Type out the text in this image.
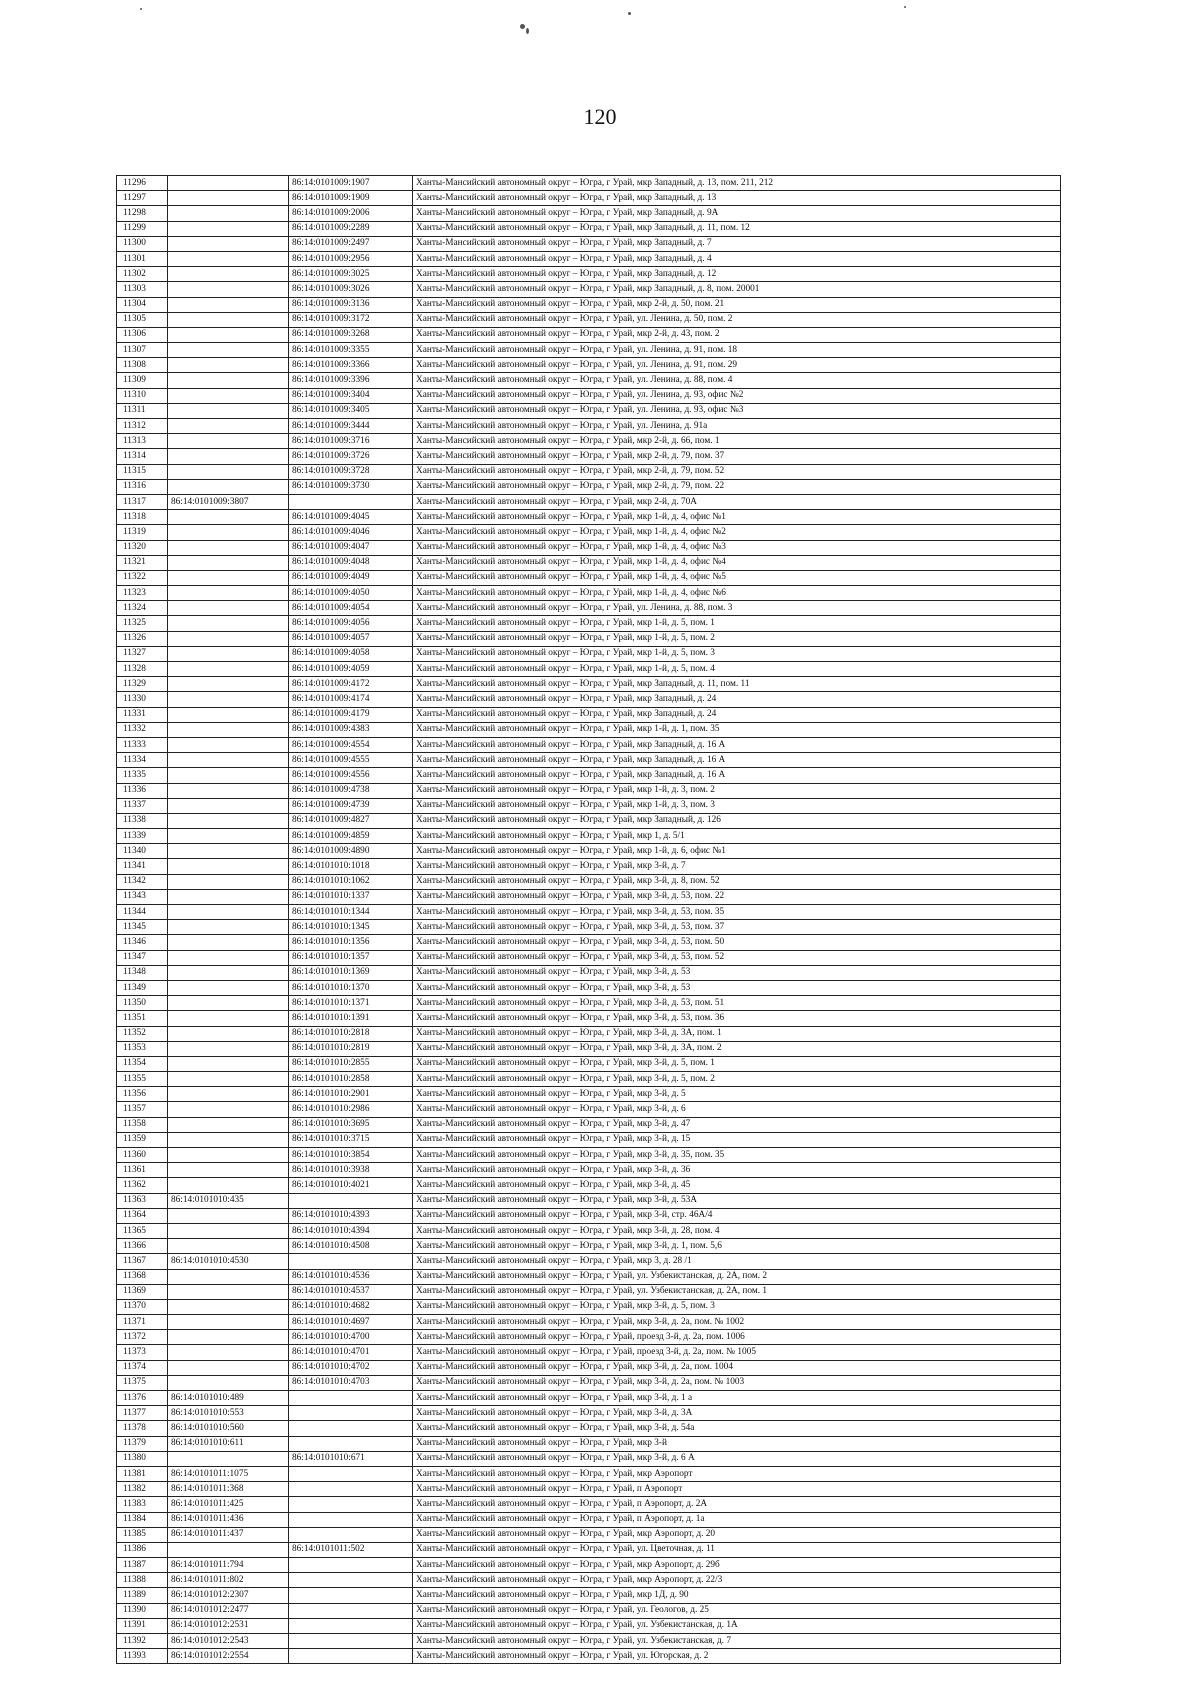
120
11296		86:14:0101009:1907	Ханты-Мансийский автономный округ – Югра, г Урай, мкр Западный, д. 13, пом. 211, 212
11297		86:14:0101009:1909	Ханты-Мансийский автономный округ – Югра, г Урай, мкр Западный, д. 13
11298		86:14:0101009:2006	Ханты-Мансийский автономный округ – Югра, г Урай, мкр Западный, д. 9А
11299		86:14:0101009:2289	Ханты-Мансийский автономный округ – Югра, г Урай, мкр Западный, д. 11, пом. 12
11300		86:14:0101009:2497	Ханты-Мансийский автономный округ – Югра, г Урай, мкр Западный, д. 7
11301		86:14:0101009:2956	Ханты-Мансийский автономный округ – Югра, г Урай, мкр Западный, д. 4
11302		86:14:0101009:3025	Ханты-Мансийский автономный округ – Югра, г Урай, мкр Западный, д. 12
11303		86:14:0101009:3026	Ханты-Мансийский автономный округ – Югра, г Урай, мкр Западный, д. 8, пом. 20001
11304		86:14:0101009:3136	Ханты-Мансийский автономный округ – Югра, г Урай, мкр 2-й, д. 50, пом. 21
11305		86:14:0101009:3172	Ханты-Мансийский автономный округ – Югра, г Урай, ул. Ленина, д. 50, пом. 2
11306		86:14:0101009:3268	Ханты-Мансийский автономный округ – Югра, г Урай, мкр 2-й, д. 43, пом. 2
11307		86:14:0101009:3355	Ханты-Мансийский автономный округ – Югра, г Урай, ул. Ленина, д. 91, пом. 18
11308		86:14:0101009:3366	Ханты-Мансийский автономный округ – Югра, г Урай, ул. Ленина, д. 91, пом. 29
11309		86:14:0101009:3396	Ханты-Мансийский автономный округ – Югра, г Урай, ул. Ленина, д. 88, пом. 4
11310		86:14:0101009:3404	Ханты-Мансийский автономный округ – Югра, г Урай, ул. Ленина, д. 93, офис №2
11311		86:14:0101009:3405	Ханты-Мансийский автономный округ – Югра, г Урай, ул. Ленина, д. 93, офис №3
11312		86:14:0101009:3444	Ханты-Мансийский автономный округ – Югра, г Урай, ул. Ленина, д. 91а
11313		86:14:0101009:3716	Ханты-Мансийский автономный округ – Югра, г Урай, мкр 2-й, д. 66, пом. 1
11314		86:14:0101009:3726	Ханты-Мансийский автономный округ – Югра, г Урай, мкр 2-й, д. 79, пом. 37
11315		86:14:0101009:3728	Ханты-Мансийский автономный округ – Югра, г Урай, мкр 2-й, д. 79, пом. 52
11316		86:14:0101009:3730	Ханты-Мансийский автономный округ – Югра, г Урай, мкр 2-й, д. 79, пом. 22
11317	86:14:0101009:3807		Ханты-Мансийский автономный округ – Югра, г Урай, мкр 2-й, д. 70А
11318		86:14:0101009:4045	Ханты-Мансийский автономный округ – Югра, г Урай, мкр 1-й, д. 4, офис №1
11319		86:14:0101009:4046	Ханты-Мансийский автономный округ – Югра, г Урай, мкр 1-й, д. 4, офис №2
11320		86:14:0101009:4047	Ханты-Мансийский автономный округ – Югра, г Урай, мкр 1-й, д. 4, офис №3
11321		86:14:0101009:4048	Ханты-Мансийский автономный округ – Югра, г Урай, мкр 1-й, д. 4, офис №4
11322		86:14:0101009:4049	Ханты-Мансийский автономный округ – Югра, г Урай, мкр 1-й, д. 4, офис №5
11323		86:14:0101009:4050	Ханты-Мансийский автономный округ – Югра, г Урай, мкр 1-й, д. 4, офис №6
11324		86:14:0101009:4054	Ханты-Мансийский автономный округ – Югра, г Урай, ул. Ленина, д. 88, пом. 3
11325		86:14:0101009:4056	Ханты-Мансийский автономный округ – Югра, г Урай, мкр 1-й, д. 5, пом. 1
11326		86:14:0101009:4057	Ханты-Мансийский автономный округ – Югра, г Урай, мкр 1-й, д. 5, пом. 2
11327		86:14:0101009:4058	Ханты-Мансийский автономный округ – Югра, г Урай, мкр 1-й, д. 5, пом. 3
11328		86:14:0101009:4059	Ханты-Мансийский автономный округ – Югра, г Урай, мкр 1-й, д. 5, пом. 4
11329		86:14:0101009:4172	Ханты-Мансийский автономный округ – Югра, г Урай, мкр Западный, д. 11, пом. 11
11330		86:14:0101009:4174	Ханты-Мансийский автономный округ – Югра, г Урай, мкр Западный, д. 24
11331		86:14:0101009:4179	Ханты-Мансийский автономный округ – Югра, г Урай, мкр Западный, д. 24
11332		86:14:0101009:4383	Ханты-Мансийский автономный округ – Югра, г Урай, мкр 1-й, д. 1, пом. 35
11333		86:14:0101009:4554	Ханты-Мансийский автономный округ – Югра, г Урай, мкр Западный, д. 16 А
11334		86:14:0101009:4555	Ханты-Мансийский автономный округ – Югра, г Урай, мкр Западный, д. 16 А
11335		86:14:0101009:4556	Ханты-Мансийский автономный округ – Югра, г Урай, мкр Западный, д. 16 А
11336		86:14:0101009:4738	Ханты-Мансийский автономный округ – Югра, г Урай, мкр 1-й, д. 3, пом. 2
11337		86:14:0101009:4739	Ханты-Мансийский автономный округ – Югра, г Урай, мкр 1-й, д. 3, пом. 3
11338		86:14:0101009:4827	Ханты-Мансийский автономный округ – Югра, г Урай, мкр Западный, д. 126
11339		86:14:0101009:4859	Ханты-Мансийский автономный округ – Югра, г Урай, мкр 1, д. 5/1
11340		86:14:0101009:4890	Ханты-Мансийский автономный округ – Югра, г Урай, мкр 1-й, д. 6, офис №1
11341		86:14:0101010:1018	Ханты-Мансийский автономный округ – Югра, г Урай, мкр 3-й, д. 7
11342		86:14:0101010:1062	Ханты-Мансийский автономный округ – Югра, г Урай, мкр 3-й, д. 8, пом. 52
11343		86:14:0101010:1337	Ханты-Мансийский автономный округ – Югра, г Урай, мкр 3-й, д. 53, пом. 22
11344		86:14:0101010:1344	Ханты-Мансийский автономный округ – Югра, г Урай, мкр 3-й, д. 53, пом. 35
11345		86:14:0101010:1345	Ханты-Мансийский автономный округ – Югра, г Урай, мкр 3-й, д. 53, пом. 37
11346		86:14:0101010:1356	Ханты-Мансийский автономный округ – Югра, г Урай, мкр 3-й, д. 53, пом. 50
11347		86:14:0101010:1357	Ханты-Мансийский автономный округ – Югра, г Урай, мкр 3-й, д. 53, пом. 52
11348		86:14:0101010:1369	Ханты-Мансийский автономный округ – Югра, г Урай, мкр 3-й, д. 53
11349		86:14:0101010:1370	Ханты-Мансийский автономный округ – Югра, г Урай, мкр 3-й, д. 53
11350		86:14:0101010:1371	Ханты-Мансийский автономный округ – Югра, г Урай, мкр 3-й, д. 53, пом. 51
11351		86:14:0101010:1391	Ханты-Мансийский автономный округ – Югра, г Урай, мкр 3-й, д. 53, пом. 36
11352		86:14:0101010:2818	Ханты-Мансийский автономный округ – Югра, г Урай, мкр 3-й, д. 3А, пом. 1
11353		86:14:0101010:2819	Ханты-Мансийский автономный округ – Югра, г Урай, мкр 3-й, д. 3А, пом. 2
11354		86:14:0101010:2855	Ханты-Мансийский автономный округ – Югра, г Урай, мкр 3-й, д. 5, пом. 1
11355		86:14:0101010:2858	Ханты-Мансийский автономный округ – Югра, г Урай, мкр 3-й, д. 5, пом. 2
11356		86:14:0101010:2901	Ханты-Мансийский автономный округ – Югра, г Урай, мкр 3-й, д. 5
11357		86:14:0101010:2986	Ханты-Мансийский автономный округ – Югра, г Урай, мкр 3-й, д. 6
11358		86:14:0101010:3695	Ханты-Мансийский автономный округ – Югра, г Урай, мкр 3-й, д. 47
11359		86:14:0101010:3715	Ханты-Мансийский автономный округ – Югра, г Урай, мкр 3-й, д. 15
11360		86:14:0101010:3854	Ханты-Мансийский автономный округ – Югра, г Урай, мкр 3-й, д. 35, пом. 35
11361		86:14:0101010:3938	Ханты-Мансийский автономный округ – Югра, г Урай, мкр 3-й, д. 36
11362		86:14:0101010:4021	Ханты-Мансийский автономный округ – Югра, г Урай, мкр 3-й, д. 45
11363	86:14:0101010:435		Ханты-Мансийский автономный округ – Югра, г Урай, мкр 3-й, д. 53А
11364		86:14:0101010:4393	Ханты-Мансийский автономный округ – Югра, г Урай, мкр 3-й, стр. 46А/4
11365		86:14:0101010:4394	Ханты-Мансийский автономный округ – Югра, г Урай, мкр 3-й, д. 28, пом. 4
11366		86:14:0101010:4508	Ханты-Мансийский автономный округ – Югра, г Урай, мкр 3-й, д. 1, пом. 5,6
11367	86:14:0101010:4530		Ханты-Мансийский автономный округ – Югра, г Урай, мкр 3, д. 28 /1
11368		86:14:0101010:4536	Ханты-Мансийский автономный округ – Югра, г Урай, ул. Узбекистанская, д. 2А, пом. 2
11369		86:14:0101010:4537	Ханты-Мансийский автономный округ – Югра, г Урай, ул. Узбекистанская, д. 2А, пом. 1
11370		86:14:0101010:4682	Ханты-Мансийский автономный округ – Югра, г Урай, мкр 3-й, д. 5, пом. 3
11371		86:14:0101010:4697	Ханты-Мансийский автономный округ – Югра, г Урай, мкр 3-й, д. 2а, пом. № 1002
11372		86:14:0101010:4700	Ханты-Мансийский автономный округ – Югра, г Урай, проезд 3-й, д. 2а, пом. 1006
11373		86:14:0101010:4701	Ханты-Мансийский автономный округ – Югра, г Урай, проезд 3-й, д. 2а, пом. № 1005
11374		86:14:0101010:4702	Ханты-Мансийский автономный округ – Югра, г Урай, мкр 3-й, д. 2а, пом. 1004
11375		86:14:0101010:4703	Ханты-Мансийский автономный округ – Югра, г Урай, мкр 3-й, д. 2а, пом. № 1003
11376	86:14:0101010:489		Ханты-Мансийский автономный округ – Югра, г Урай, мкр 3-й, д. 1 а
11377	86:14:0101010:553		Ханты-Мансийский автономный округ – Югра, г Урай, мкр 3-й, д. 3А
11378	86:14:0101010:560		Ханты-Мансийский автономный округ – Югра, г Урай, мкр 3-й, д. 54а
11379	86:14:0101010:611		Ханты-Мансийский автономный округ – Югра, г Урай, мкр 3-й
11380		86:14:0101010:671	Ханты-Мансийский автономный округ – Югра, г Урай, мкр 3-й, д. 6 А
11381	86:14:0101011:1075		Ханты-Мансийский автономный округ – Югра, г Урай, мкр Аэропорт
11382	86:14:0101011:368		Ханты-Мансийский автономный округ – Югра, г Урай, п Аэропорт
11383	86:14:0101011:425		Ханты-Мансийский автономный округ – Югра, г Урай, п Аэропорт, д. 2А
11384	86:14:0101011:436		Ханты-Мансийский автономный округ – Югра, г Урай, п Аэропорт, д. 1а
11385	86:14:0101011:437		Ханты-Мансийский автономный округ – Югра, г Урай, мкр Аэропорт, д. 20
11386		86:14:0101011:502	Ханты-Мансийский автономный округ – Югра, г Урай, ул. Цветочная, д. 11
11387	86:14:0101011:794		Ханты-Мансийский автономный округ – Югра, г Урай, мкр Аэропорт, д. 29б
11388	86:14:0101011:802		Ханты-Мансийский автономный округ – Югра, г Урай, мкр Аэропорт, д. 22/3
11389	86:14:0101012:2307		Ханты-Мансийский автономный округ – Югра, г Урай, мкр 1Д, д. 90
11390	86:14:0101012:2477		Ханты-Мансийский автономный округ – Югра, г Урай, ул. Геологов, д. 25
11391	86:14:0101012:2531		Ханты-Мансийский автономный округ – Югра, г Урай, ул. Узбекистанская, д. 1А
11392	86:14:0101012:2543		Ханты-Мансийский автономный округ – Югра, г Урай, ул. Узбекистанская, д. 7
11393	86:14:0101012:2554		Ханты-Мансийский автономный округ – Югра, г Урай, ул. Югорская, д. 2
